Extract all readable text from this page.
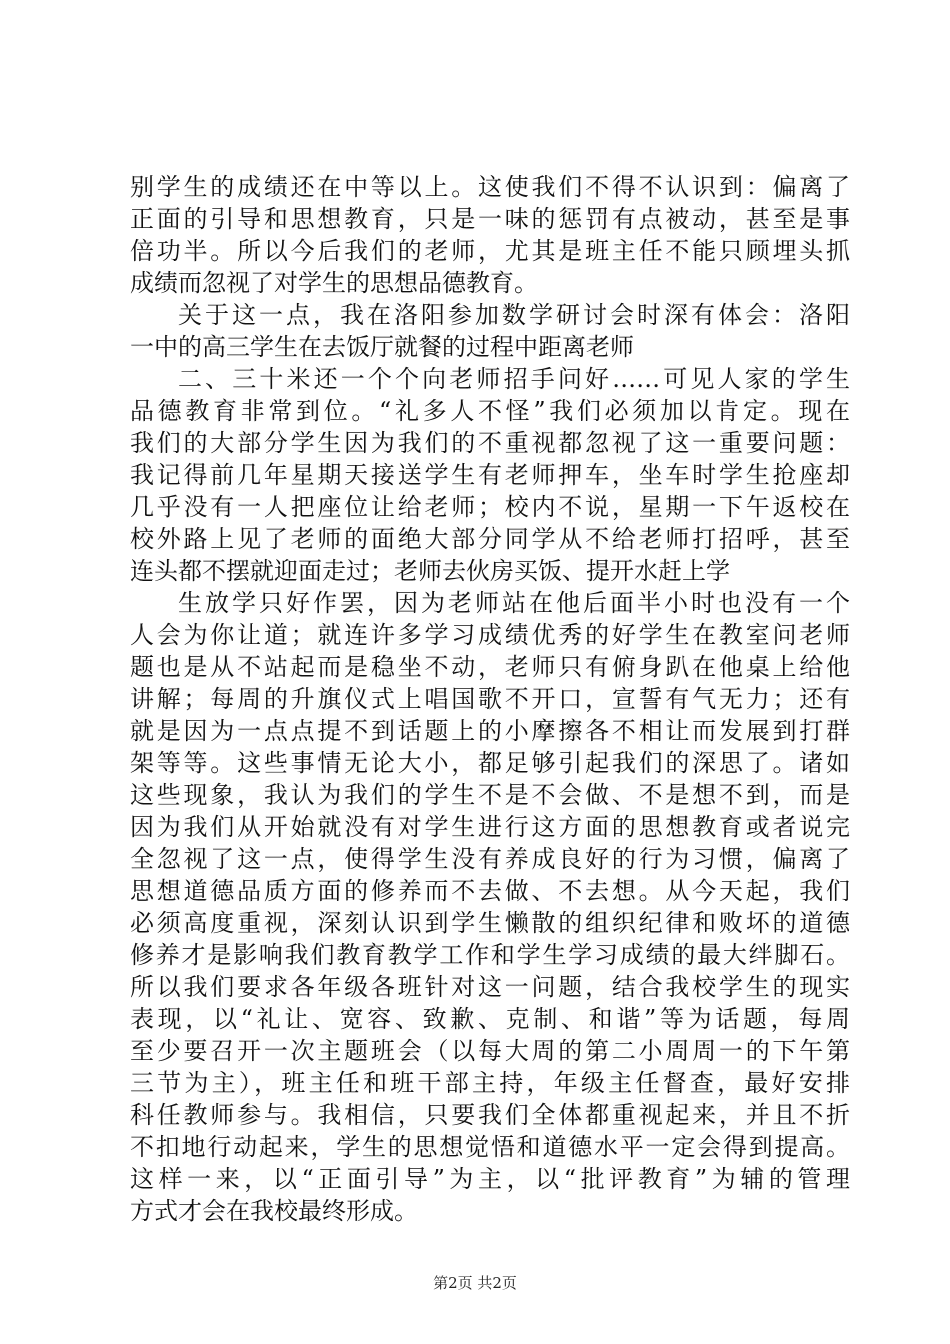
别学生的成绩还在中等以上。这使我们不得不认识到：偏离了
正面的引导和思想教育，只是一味的惩罚有点被动，甚至是事
倍功半。所以今后我们的老师，尤其是班主任不能只顾埋头抓
成绩而忽视了对学生的思想品德教育。
关于这一点，我在洛阳参加数学研讨会时深有体会：洛阳
一中的高三学生在去饭厅就餐的过程中距离老师
二、三十米还一个个向老师招手问好……可见人家的学生
品德教育非常到位。“礼多人不怪”我们必须加以肯定。现在
我们的大部分学生因为我们的不重视都忽视了这一重要问题：
我记得前几年星期天接送学生有老师押车，坐车时学生抢座却
几乎没有一人把座位让给老师；校内不说，星期一下午返校在
校外路上见了老师的面绝大部分同学从不给老师打招呼，甚至
连头都不摆就迎面走过；老师去伙房买饭、提开水赶上学
生放学只好作罢，因为老师站在他后面半小时也没有一个
人会为你让道；就连许多学习成绩优秀的好学生在教室问老师
题也是从不站起而是稳坐不动，老师只有俯身趴在他桌上给他
讲解；每周的升旗仪式上唱国歌不开口，宣誓有气无力；还有
就是因为一点点提不到话题上的小摩擦各不相让而发展到打群
架等等。这些事情无论大小，都足够引起我们的深思了。诸如
这些现象，我认为我们的学生不是不会做、不是想不到，而是
因为我们从开始就没有对学生进行这方面的思想教育或者说完
全忽视了这一点，使得学生没有养成良好的行为习惯，偏离了
思想道德品质方面的修养而不去做、不去想。从今天起，我们
必须高度重视，深刻认识到学生懒散的组织纪律和败坏的道德
修养才是影响我们教育教学工作和学生学习成绩的最大绊脚石。
所以我们要求各年级各班针对这一问题，结合我校学生的现实
表现，以“礼让、宽容、致歉、克制、和谐”等为话题，每周
至少要召开一次主题班会（以每大周的第二小周周一的下午第
三节为主），班主任和班干部主持，年级主任督查，最好安排
科任教师参与。我相信，只要我们全体都重视起来，并且不折
不扣地行动起来，学生的思想觉悟和道德水平一定会得到提高。
这样一来，以“正面引导”为主，以“批评教育”为辅的管理
方式才会在我校最终形成。
第2页 共2页
